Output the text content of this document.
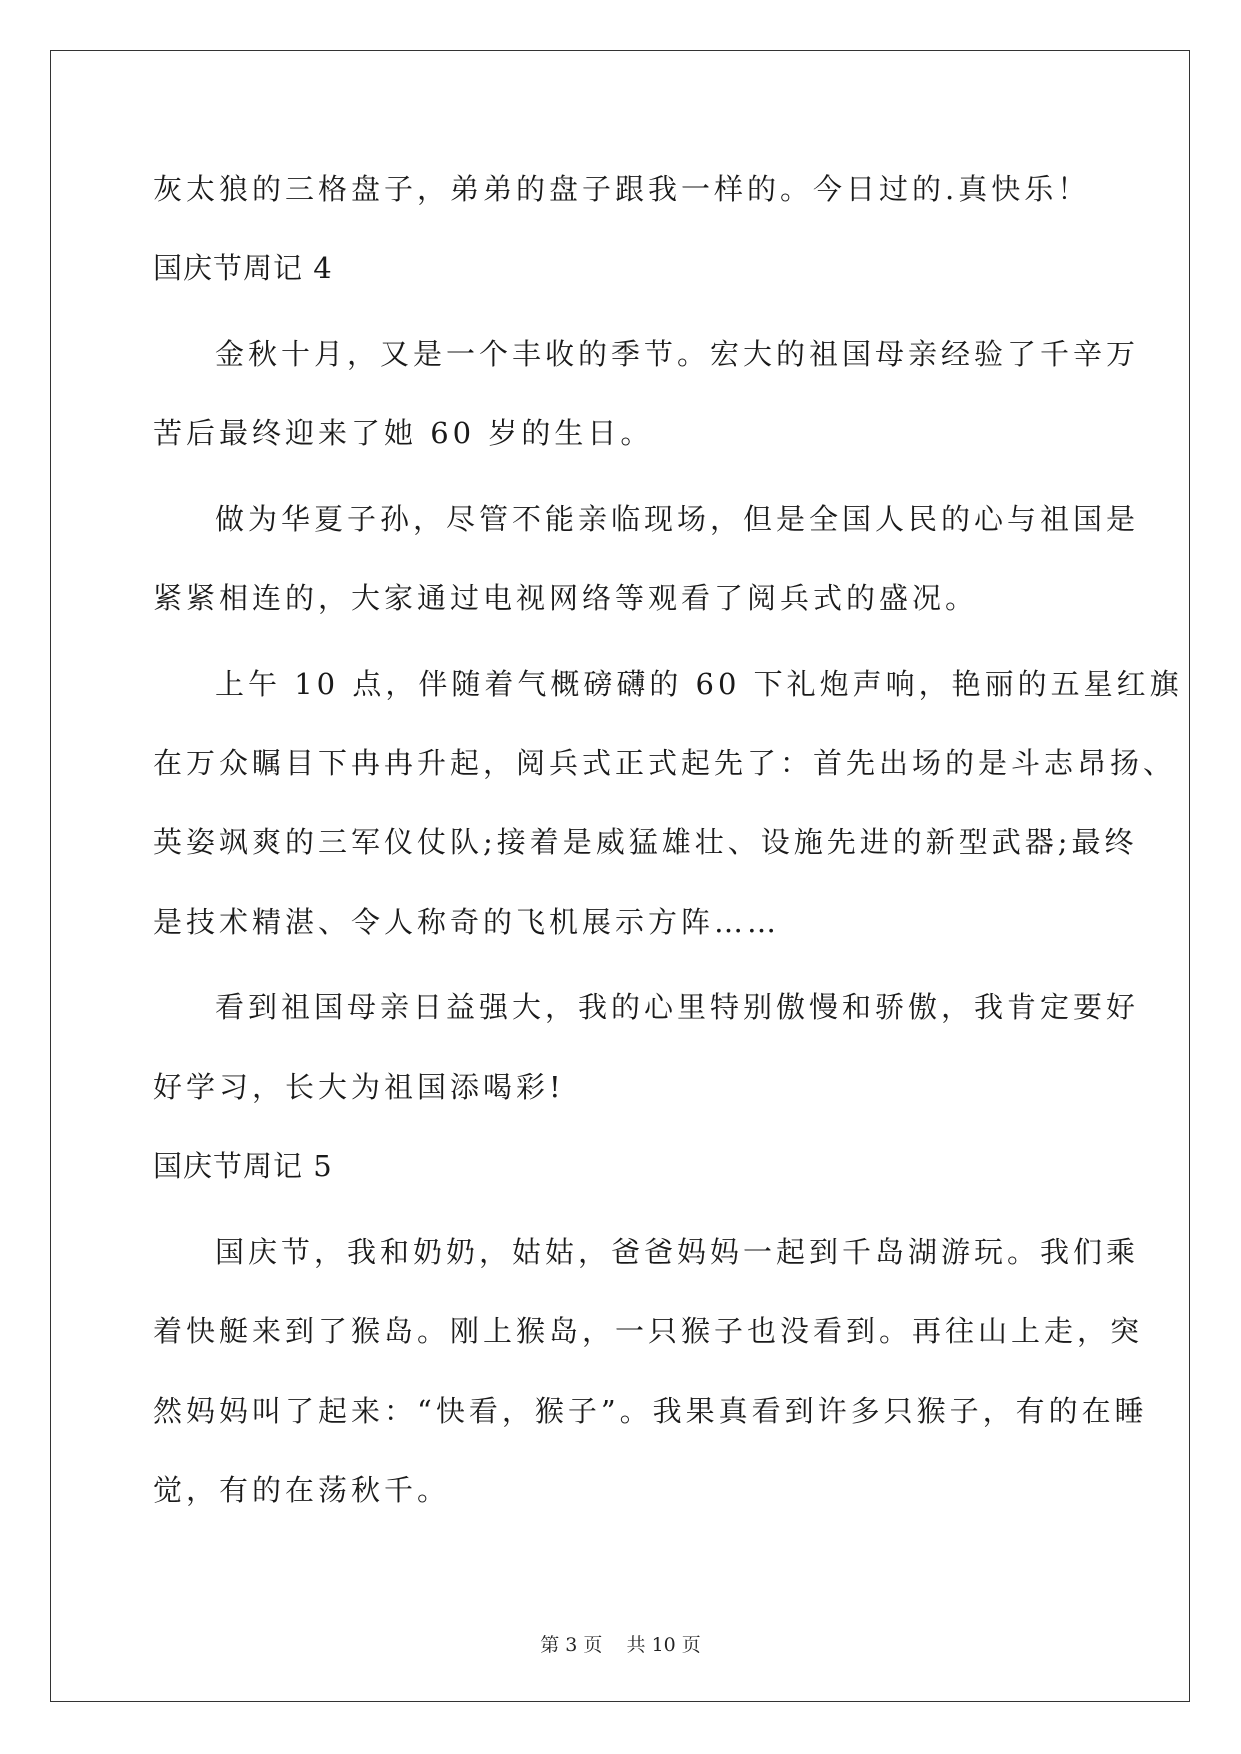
灰太狼的三格盘子，弟弟的盘子跟我一样的。今日过的.真快乐！
国庆节周记 4
金秋十月，又是一个丰收的季节。宏大的祖国母亲经验了千辛万
苦后最终迎来了她 60 岁的生日。
做为华夏子孙，尽管不能亲临现场，但是全国人民的心与祖国是
紧紧相连的，大家通过电视网络等观看了阅兵式的盛况。
上午 10 点，伴随着气概磅礴的 60 下礼炮声响，艳丽的五星红旗
在万众瞩目下冉冉升起，阅兵式正式起先了：首先出场的是斗志昂扬、
英姿飒爽的三军仪仗队;接着是威猛雄壮、设施先进的新型武器;最终
是技术精湛、令人称奇的飞机展示方阵……
看到祖国母亲日益强大，我的心里特别傲慢和骄傲，我肯定要好
好学习，长大为祖国添喝彩!
国庆节周记 5
国庆节，我和奶奶，姑姑，爸爸妈妈一起到千岛湖游玩。我们乘
着快艇来到了猴岛。刚上猴岛，一只猴子也没看到。再往山上走，突
然妈妈叫了起来：“快看，猴子”。我果真看到许多只猴子，有的在睡
觉，有的在荡秋千。
第 3 页    共 10 页
